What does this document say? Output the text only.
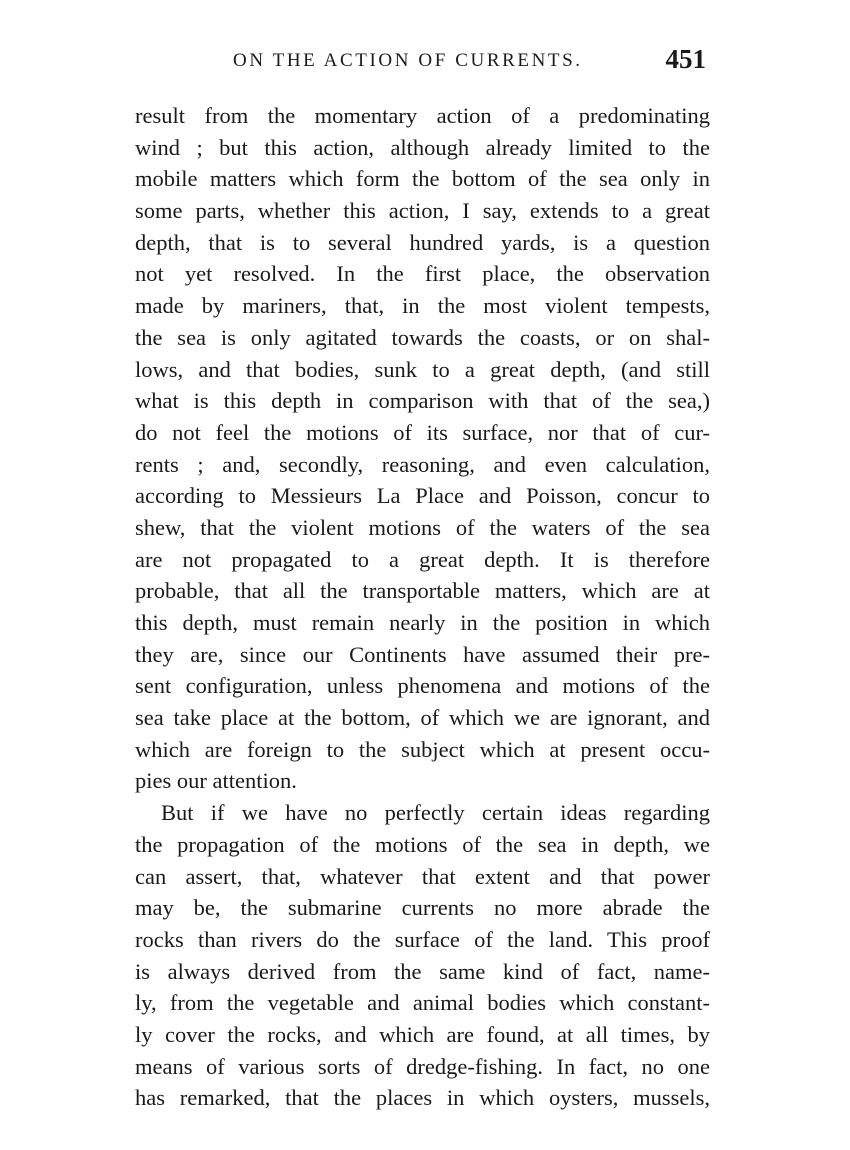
ON THE ACTION OF CURRENTS.	451
result from the momentary action of a predominating
wind ; but this action, although already limited to the
mobile matters which form the bottom of the sea only in
some parts, whether this action, I say, extends to a great
depth, that is to several hundred yards, is a question
not yet resolved. In the first place, the observation
made by mariners, that, in the most violent tempests,
the sea is only agitated towards the coasts, or on shal-
lows, and that bodies, sunk to a great depth, (and still
what is this depth in comparison with that of the sea,)
do not feel the motions of its surface, nor that of cur-
rents ; and, secondly, reasoning, and even calculation,
according to Messieurs La Place and Poisson, concur to
shew, that the violent motions of the waters of the sea
are not propagated to a great depth. It is therefore
probable, that all the transportable matters, which are at
this depth, must remain nearly in the position in which
they are, since our Continents have assumed their pre-
sent configuration, unless phenomena and motions of the
sea take place at the bottom, of which we are ignorant, and
which are foreign to the subject which at present occu-
pies our attention.
But if we have no perfectly certain ideas regarding
the propagation of the motions of the sea in depth, we
can assert, that, whatever that extent and that power
may be, the submarine currents no more abrade the
rocks than rivers do the surface of the land. This proof
is always derived from the same kind of fact, name-
ly, from the vegetable and animal bodies which constant-
ly cover the rocks, and which are found, at all times, by
means of various sorts of dredge-fishing. In fact, no one
has remarked, that the places in which oysters, mussels,
